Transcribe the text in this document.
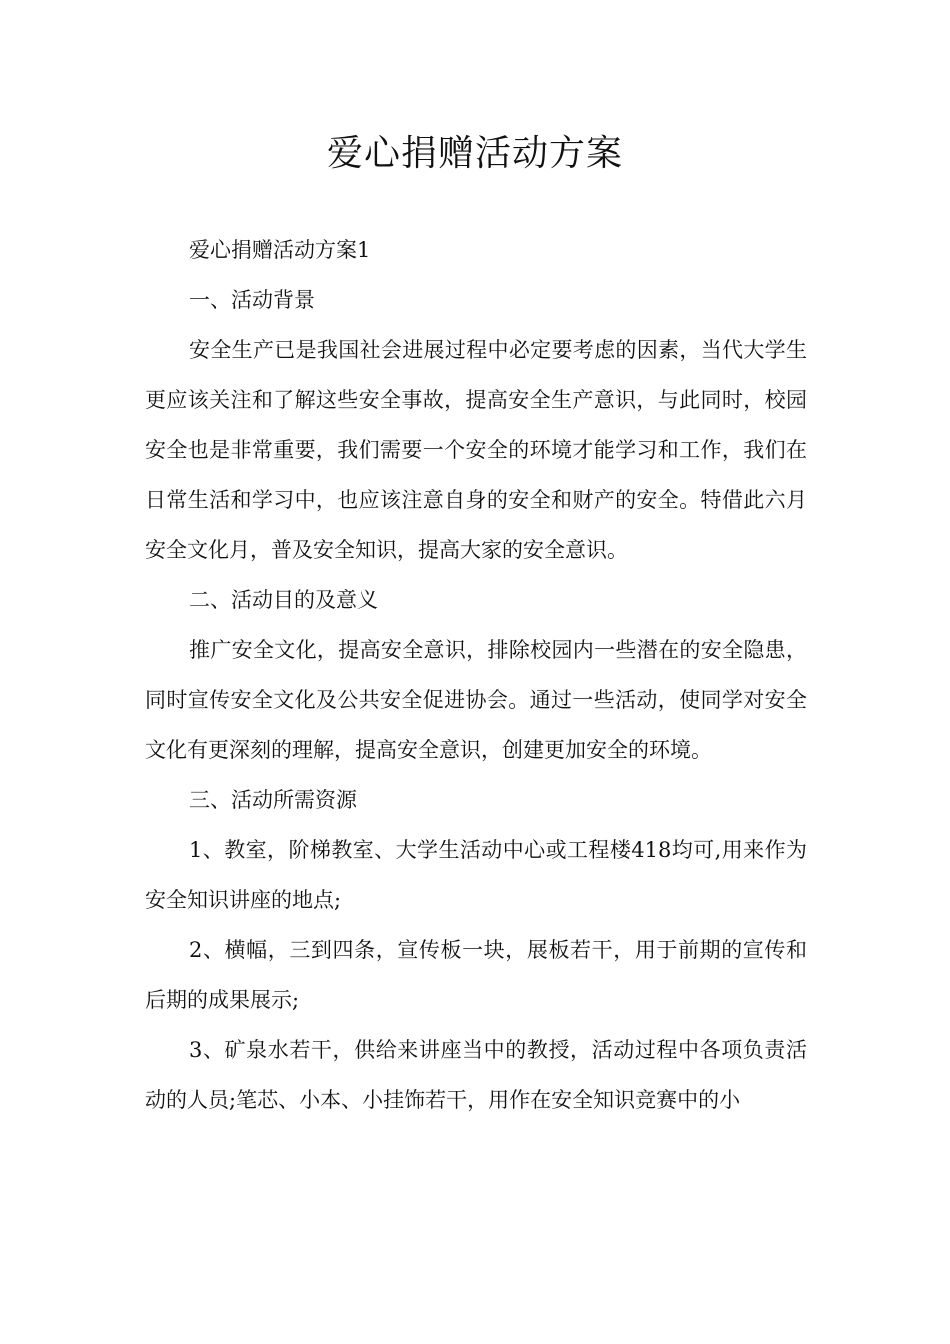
爱心捐赠活动方案

爱心捐赠活动方案1

一、活动背景

安全生产已是我国社会进展过程中必定要考虑的因素，当代大学生更应该关注和了解这些安全事故，提高安全生产意识，与此同时，校园安全也是非常重要，我们需要一个安全的环境才能学习和工作，我们在日常生活和学习中，也应该注意自身的安全和财产的安全。特借此六月安全文化月，普及安全知识，提高大家的安全意识。

二、活动目的及意义

推广安全文化，提高安全意识，排除校园内一些潜在的安全隐患，同时宣传安全文化及公共安全促进协会。通过一些活动，使同学对安全文化有更深刻的理解，提高安全意识，创建更加安全的环境。

三、活动所需资源

1、教室，阶梯教室、大学生活动中心或工程楼418均可,用来作为安全知识讲座的地点;

2、横幅，三到四条，宣传板一块，展板若干，用于前期的宣传和后期的成果展示;

3、矿泉水若干，供给来讲座当中的教授，活动过程中各项负责活动的人员;笔芯、小本、小挂饰若干，用作在安全知识竞赛中的小
